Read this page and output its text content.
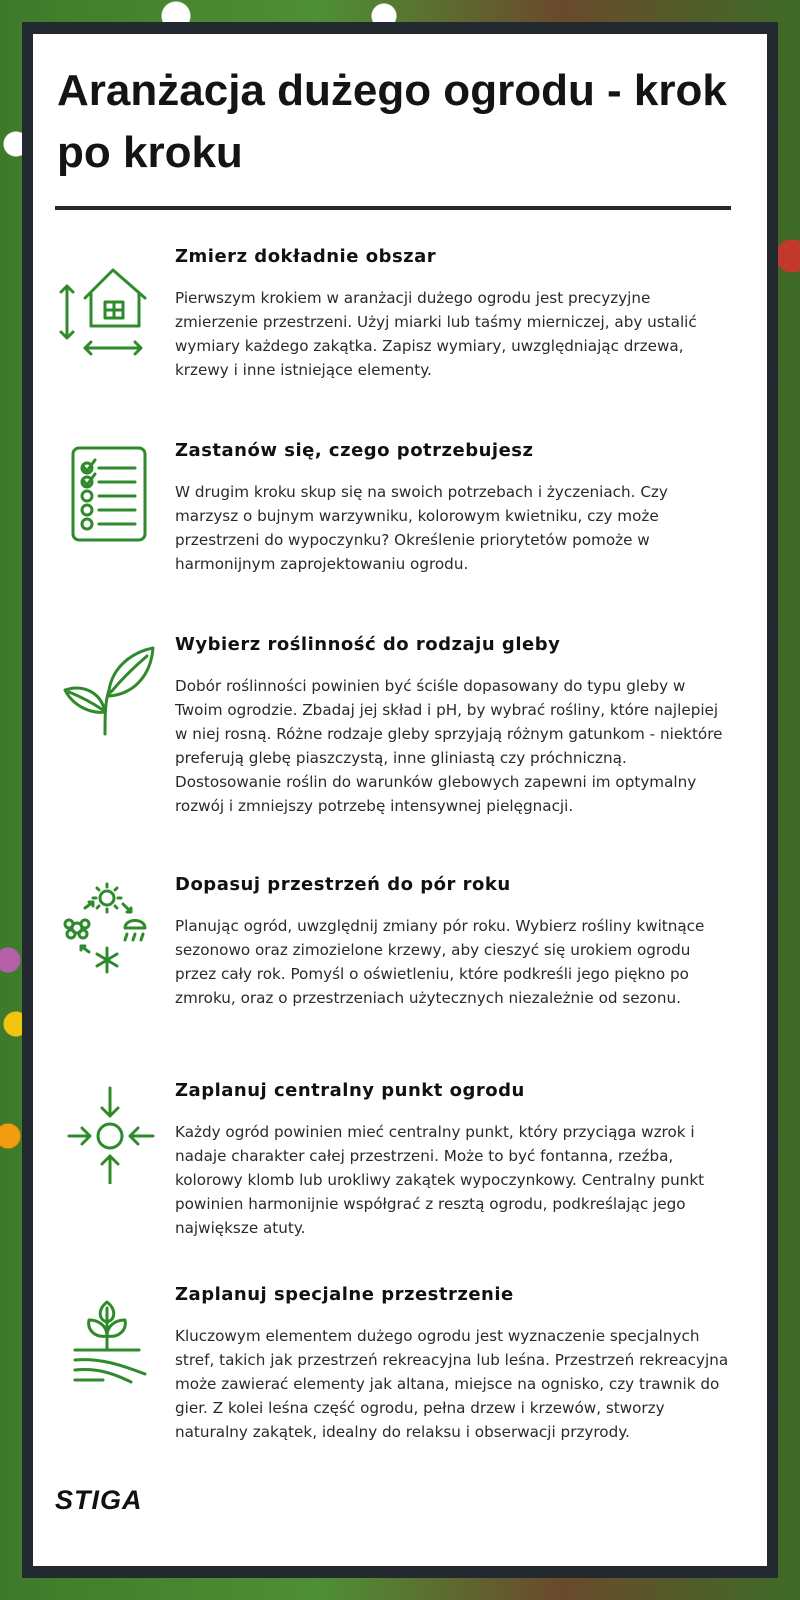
Aranżacja dużego ogrodu - krok po kroku
Zmierz dokładnie obszar

Pierwszym krokiem w aranżacji dużego ogrodu jest precyzyjne zmierzenie przestrzeni. Użyj miarki lub taśmy mierniczej, aby ustalić wymiary każdego zakątka. Zapisz wymiary, uwzględniając drzewa, krzewy i inne istniejące elementy.

Zastanów się, czego potrzebujesz

W drugim kroku skup się na swoich potrzebach i życzeniach. Czy marzysz o bujnym warzywniku, kolorowym kwietniku, czy może przestrzeni do wypoczynku? Określenie priorytetów pomoże w harmonijnym zaprojektowaniu ogrodu.

Wybierz roślinność do rodzaju gleby

Dobór roślinności powinien być ściśle dopasowany do typu gleby w Twoim ogrodzie. Zbadaj jej skład i pH, by wybrać rośliny, które najlepiej w niej rosną. Różne rodzaje gleby sprzyjają różnym gatunkom - niektóre preferują glebę piaszczystą, inne gliniastą czy próchniczną. Dostosowanie roślin do warunków glebowych zapewni im optymalny rozwój i zmniejszy potrzebę intensywnej pielęgnacji.

Dopasuj przestrzeń do pór roku

Planując ogród, uwzględnij zmiany pór roku. Wybierz rośliny kwitnące sezonowo oraz zimozielone krzewy, aby cieszyć się urokiem ogrodu przez cały rok. Pomyśl o oświetleniu, które podkreśli jego piękno po zmroku, oraz o przestrzeniach użytecznych niezależnie od sezonu.

Zaplanuj centralny punkt ogrodu

Każdy ogród powinien mieć centralny punkt, który przyciąga wzrok i nadaje charakter całej przestrzeni. Może to być fontanna, rzeźba, kolorowy klomb lub urokliwy zakątek wypoczynkowy. Centralny punkt powinien harmonijnie współgrać z resztą ogrodu, podkreślając jego największe atuty.

Zaplanuj specjalne przestrzenie

Kluczowym elementem dużego ogrodu jest wyznaczenie specjalnych stref, takich jak przestrzeń rekreacyjna lub leśna. Przestrzeń rekreacyjna może zawierać elementy jak altana, miejsce na ognisko, czy trawnik do gier. Z kolei leśna część ogrodu, pełna drzew i krzewów, stworzy naturalny zakątek, idealny do relaksu i obserwacji przyrody.

STIGA
